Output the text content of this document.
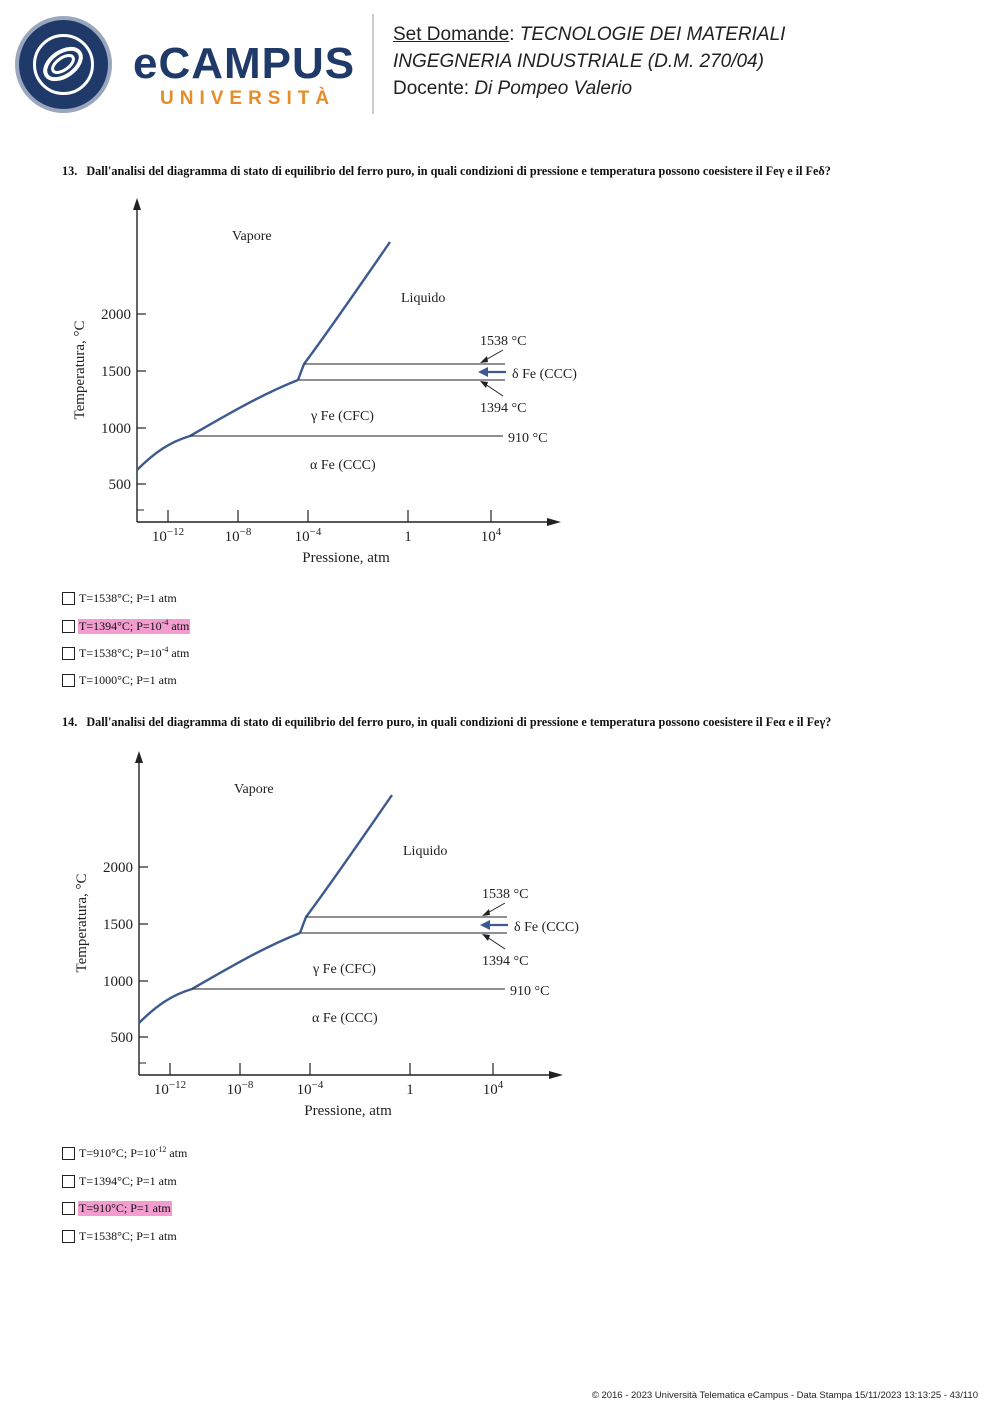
eCAMPUS
UNIVERSITÀ
Set Domande: TECNOLOGIE DEI MATERIALI
INGEGNERIA INDUSTRIALE (D.M. 270/04)
Docente: Di Pompeo Valerio
13. Dall'analisi del diagramma di stato di equilibrio del ferro puro, in quali condizioni di pressione e temperatura possono coesistere il Feγ e il Feδ?
2000
1500
1000
500
$10^{-12}$	$10^{-8}$	$10^{-4}$	1	$10^4$
Pressione, atm
Temperatura, °C
Vapore
Liquido
γ Fe (CFC)
α Fe (CCC)
δ Fe (CCC)
1538 °C
1394 °C
910 °C
T=1538°C; P=1 atm
T=1394°C; $P=10^{-4}$ atm
T=1538°C; $P=10^{-4}$ atm
T=1000°C; P=1 atm
14. Dall'analisi del diagramma di stato di equilibrio del ferro puro, in quali condizioni di pressione e temperatura possono coesistere il Feα e il Feγ?
2000
1500
1000
500
$10^{-12}$	$10^{-8}$	$10^{-4}$	1	$10^4$
Pressione, atm
Temperatura, °C
Vapore
Liquido
γ Fe (CFC)
α Fe (CCC)
δ Fe (CCC)
1538 °C
1394 °C
910 °C
T=910°C; $P=10^{-12}$ atm
T=1394°C; P=1 atm
T=910°C; P=1 atm
T=1538°C; P=1 atm
© 2016 - 2023 Università Telematica eCampus - Data Stampa 15/11/2023 13:13:25 - 43/110
